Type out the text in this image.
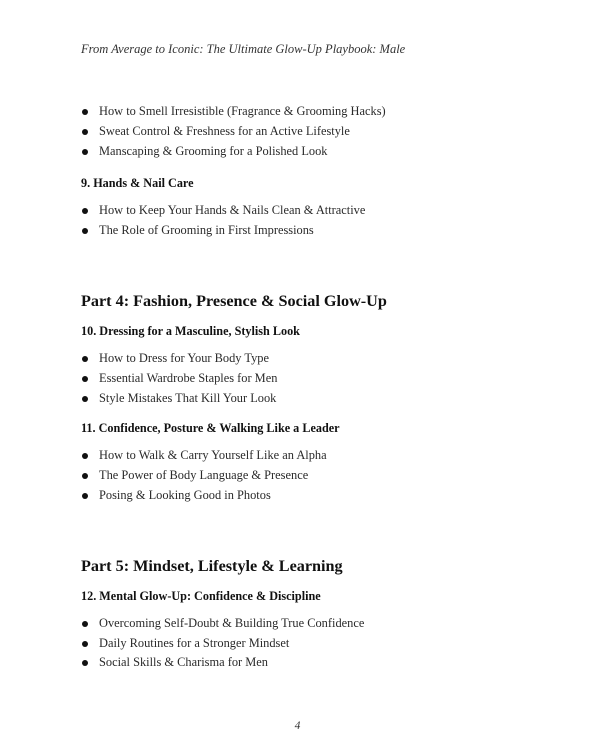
From Average to Iconic: The Ultimate Glow-Up Playbook: Male
How to Smell Irresistible (Fragrance & Grooming Hacks)
Sweat Control & Freshness for an Active Lifestyle
Manscaping & Grooming for a Polished Look
9. Hands & Nail Care
How to Keep Your Hands & Nails Clean & Attractive
The Role of Grooming in First Impressions
Part 4: Fashion, Presence & Social Glow-Up
10. Dressing for a Masculine, Stylish Look
How to Dress for Your Body Type
Essential Wardrobe Staples for Men
Style Mistakes That Kill Your Look
11. Confidence, Posture & Walking Like a Leader
How to Walk & Carry Yourself Like an Alpha
The Power of Body Language & Presence
Posing & Looking Good in Photos
Part 5: Mindset, Lifestyle & Learning
12. Mental Glow-Up: Confidence & Discipline
Overcoming Self-Doubt & Building True Confidence
Daily Routines for a Stronger Mindset
Social Skills & Charisma for Men
4
